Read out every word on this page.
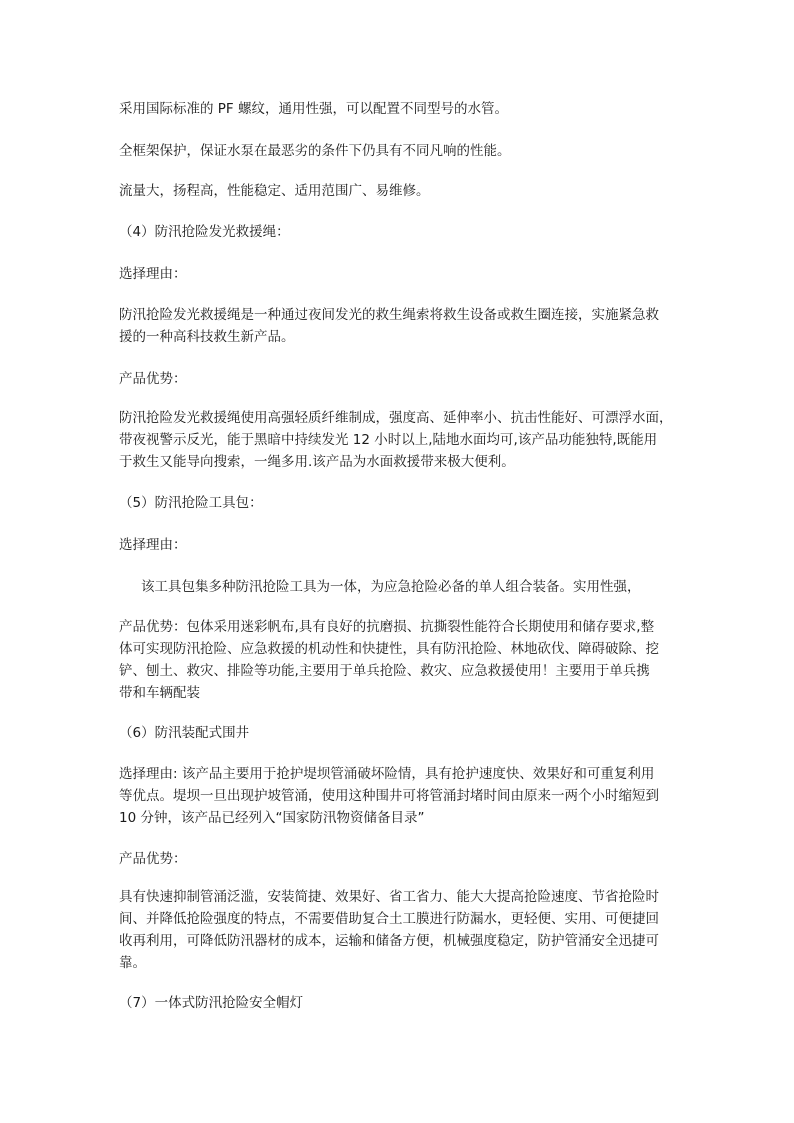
采用国际标准的 PF 螺纹，通用性强，可以配置不同型号的水管。

全框架保护，保证水泵在最恶劣的条件下仍具有不同凡响的性能。

流量大，扬程高，性能稳定、适用范围广、易维修。

（4）防汛抢险发光救援绳：

选择理由：

防汛抢险发光救援绳是一种通过夜间发光的救生绳索将救生设备或救生圈连接，实施紧急救
援的一种高科技救生新产品。

产品优势：

防汛抢险发光救援绳使用高强轻质纤维制成，强度高、延伸率小、抗击性能好、可漂浮水面，
带夜视警示反光，能于黑暗中持续发光 12 小时以上,陆地水面均可,该产品功能独特,既能用
于救生又能导向搜索，一绳多用.该产品为水面救援带来极大便利。

（5）防汛抢险工具包：

选择理由：

该工具包集多种防汛抢险工具为一体，为应急抢险必备的单人组合装备。实用性强，

产品优势：包体采用迷彩帆布,具有良好的抗磨损、抗撕裂性能符合长期使用和储存要求,整
体可实现防汛抢险、应急救援的机动性和快捷性，具有防汛抢险、林地砍伐、障碍破除、挖
铲、刨土、救灾、排险等功能,主要用于单兵抢险、救灾、应急救援使用！主要用于单兵携
带和车辆配装

（6）防汛装配式围井

选择理由: 该产品主要用于抢护堤坝管涌破坏险情，具有抢护速度快、效果好和可重复利用
等优点。堤坝一旦出现护坡管涌，使用这种围井可将管涌封堵时间由原来一两个小时缩短到
10 分钟，该产品已经列入“国家防汛物资储备目录”

产品优势：

具有快速抑制管涌泛滥，安装简捷、效果好、省工省力、能大大提高抢险速度、节省抢险时
间、并降低抢险强度的特点，不需要借助复合土工膜进行防漏水，更轻便、实用、可便捷回
收再利用，可降低防汛器材的成本，运输和储备方便，机械强度稳定，防护管涌安全迅捷可
靠。

（7）一体式防汛抢险安全帽灯
